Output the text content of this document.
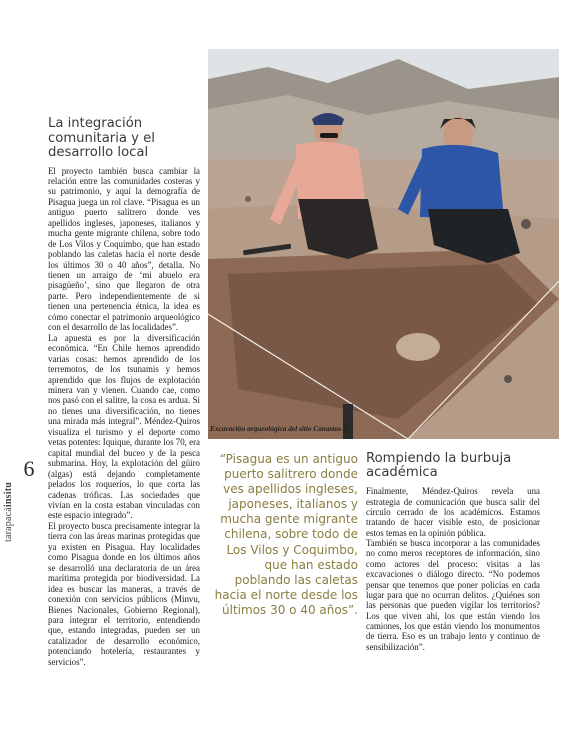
6
tarapacáinsitu
La integración comunitaria y el desarrollo local

El proyecto también busca cambiar la relación entre las comunidades costeras y su patrimonio, y aquí la demografía de Pisagua juega un rol clave. “Pisagua es un antiguo puerto salitrero donde ves apellidos ingleses, japoneses, italianos y mucha gente migrante chilena, sobre todo de Los Vilos y Coquimbo, que han estado poblando las caletas hacia el norte desde los últimos 30 o 40 años”, detalla. No tienen un arraigo de ‘mi abuelo era pisagüeño’, sino que llegaron de otra parte. Pero independientemente de si tienen una pertenencia étnica, la idea es cómo conectar el patrimonio arqueológico con el desarrollo de las localidades”.

La apuesta es por la diversificación económica. “En Chile hemos aprendido varias cosas: hemos aprendido de los terremotos, de los tsunamis y hemos aprendido que los flujos de explotación minera van y vienen. Cuando cae, como nos pasó con el salitre, la cosa es ardua. Si no tienes una diversificación, no tienes una mirada más integral”. Méndez-Quiros visualiza el turismo y el deporte como vetas potentes: Iquique, durante los 70, era capital mundial del buceo y de la pesca submarina. Hoy, la explotación del güiro (algas) está dejando completamente pelados los roqueríos, lo que corta las cadenas tróficas. Las sociedades que vivían en la costa estaban vinculadas con este espacio integrado”.

El proyecto busca precisamente integrar la tierra con las áreas marinas protegidas que ya existen en Pisagua. Hay localidades como Pisagua donde en los últimos años se desarrolló una declaratoria de un área marítima protegida por biodiversidad. La idea es buscar las maneras, a través de conexión con servicios públicos (Minvu, Bienes Nacionales, Gobierno Regional), para integrar el territorio, entendiendo que, estando integradas, pueden ser un catalizador de desarrollo económico, potenciando hotelería, restaurantes y servicios”.

“Pisagua es un antiguo puerto salitrero donde ves apellidos ingleses, japoneses, italianos y mucha gente migrante chilena, sobre todo de Los Vilos y Coquimbo, que han estado poblando las caletas hacia el norte desde los últimos 30 o 40 años”.
Rompiendo la burbuja académica

Finalmente, Méndez-Quiros revela una estrategia de comunicación que busca salir del círculo cerrado de los académicos. Estamos tratando de hacer visible esto, de posicionar estos temas en la opinión pública.

También se busca incorporar a las comunidades no como meros receptores de información, sino como actores del proceso: visitas a las excavaciones o diálogo directo. “No podemos pensar que tenemos que poner policías en cada lugar para que no ocurran delitos. ¿Quiénes son las personas que pueden vigilar los territorios? Los que viven ahí, los que están viendo los camiones, los que están viendo los monumentos de tierra. Eso es un trabajo lento y continuo de sensibilización”.

Excavación arqueológica del sitio Canastos-1.
